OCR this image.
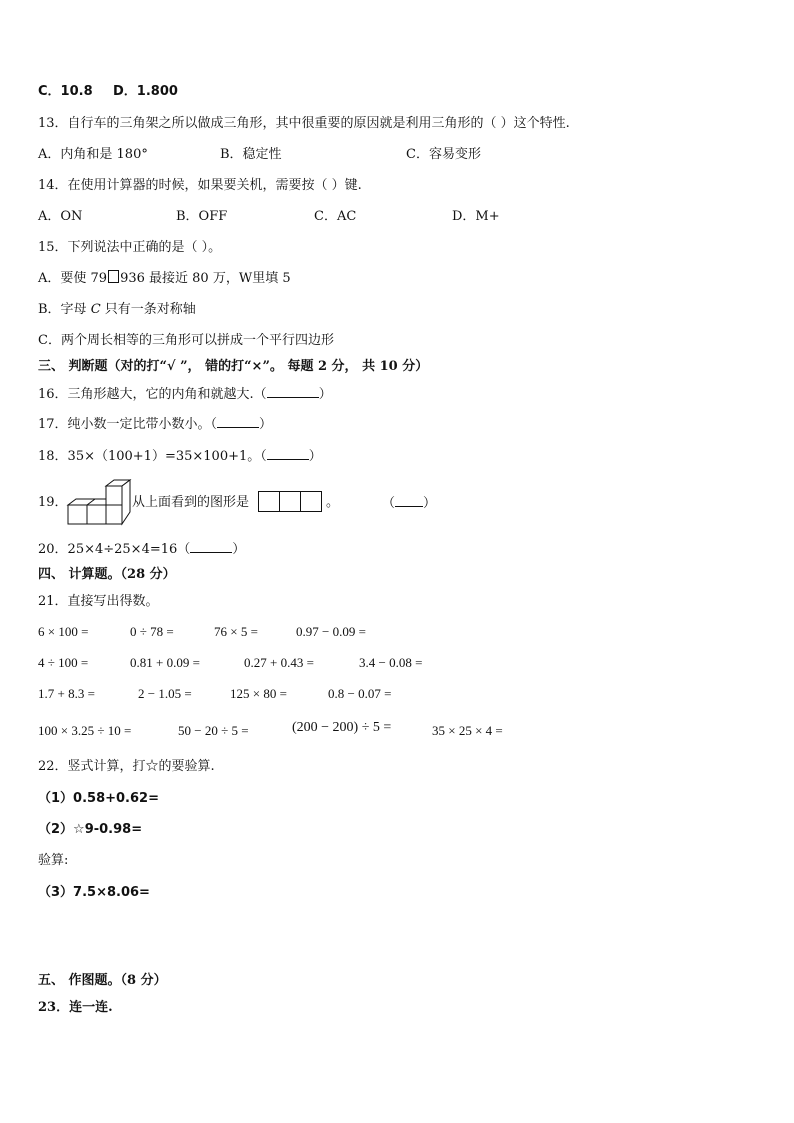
C．10.8 D．1.800
13．自行车的三角架之所以做成三角形，其中很重要的原因就是利用三角形的（ ）这个特性.
A．内角和是 180°	B．稳定性	C．容易变形
14．在使用计算器的时候，如果要关机，需要按（ ）键.
A．ON	B．OFF	C．AC	D．M+
15．下列说法中正确的是（ ）。
A．要使 79 936 最接近 80 万，W里填 5
B．字母 C 只有一条对称轴
C．两个周长相等的三角形可以拼成一个平行四边形
三、 判断题（对的打“√ ”， 错的打“×”。 每题 2 分， 共 10 分）
16．三角形越大，它的内角和就越大.（	）
17．纯小数一定比带小数小。（	）
18．35×（100+1）=35×100+1。（	）
19．	从上面看到的图形是	。	（ ）
20．25×4÷25×4=16（	）
四、 计算题。（28 分）
21．直接写出得数。
6 × 100 =	0 ÷ 78 =	76 × 5 =	0.97 − 0.09 =
4 ÷ 100 =	0.81 + 0.09 =	0.27 + 0.43 =	3.4 − 0.08 =
1.7 + 8.3 =	2 − 1.05 =	125 × 80 =	0.8 − 0.07 =
100 × 3.25 ÷ 10 =	50 − 20 ÷ 5 =	(200 − 200) ÷ 5 =	35 × 25 × 4 =
22．竖式计算，打☆的要验算.
（1）0.58+0.62=
（2）☆9-0.98=
验算:
（3）7.5×8.06=
五、 作图题。（8 分）
23．连一连.
